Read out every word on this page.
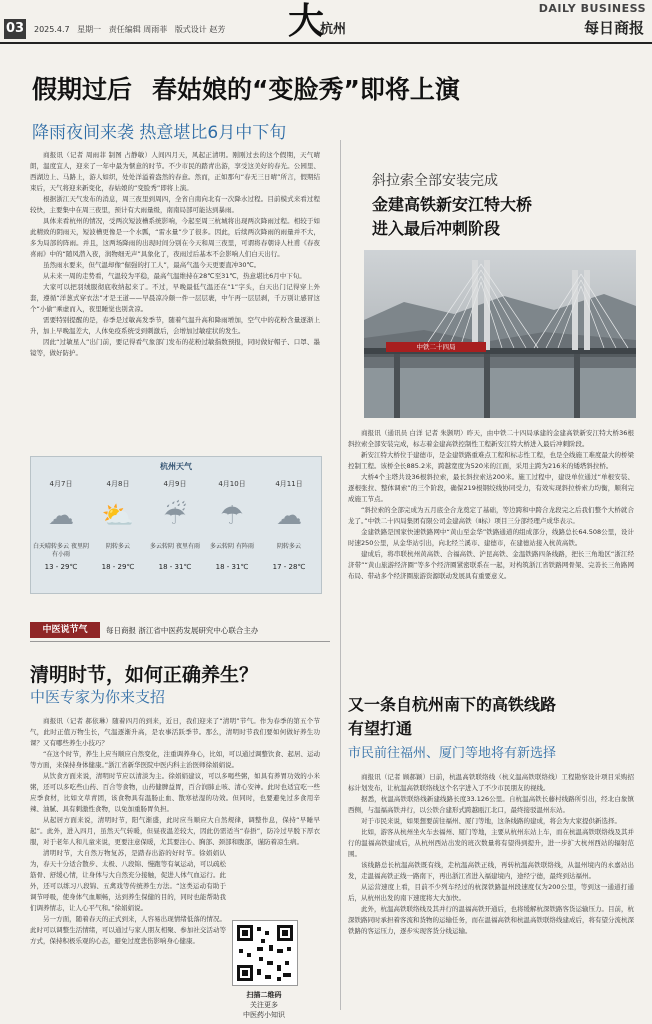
03 2025.4.7 星期一 责任编辑 周雨菲 版式设计 赵芳 大
杭州
DAILY BUSINESS
每日商报
假期过后 春姑娘的“变脸秀”即将上演
降雨夜间来袭 热意堪比6月中下旬

商报讯（记者 周雨菲 制图 占静敏）人间四月天，风起正清明。刚刚过去的这个假期，天气晴朗，温度宜人，迎来了一年中最为惬意的时节。不少市民的踏青出游，享受这美好的春光。公园里、西湖边上、马路上，游人如织，处处洋溢着盎然的春意。然而，正如那句“春无三日晴”所言，假期结束后，天气将迎来新变化，春姑娘的“变脸秀”即将上演。

根据浙江天气发布的消息，周三夜里到周四，全省自南向北有一次降水过程。目前模式来看过程较快，主要集中在周三夜里，预计有大雨量级，南南局部可能达到暴雨。

具体来看杭州的情况，受两次短波槽系统影响，今起至周三杭城将出现两次降雨过程。相较于如此精致的阴雨天，短波槽更像是一个水瓢，“雷水量”少了很多。因此，后续两次降雨的雨量并不大，多为局部的阵雨。并且，这两场降雨的出现时间分别在今天和周三夜里，可谓将春朝诗人杜甫《春夜喜雨》中的“随风潜入夜，润物细无声”具象化了，夜雨过后基本不会影响人们白天出行。

虽然雨水要来，但气温却像“倔强的打工人”，最高气温今天更要直冲30℃。

从未来一周的走势看，气温较为平稳，最高气温维持在28℃至31℃，热意堪比6月中下旬。

大家可以把羽绒服彻底收纳起来了。不过，早晚最低气温还在“1”字头，白天出门记得穿上外套，遵循“洋葱式穿衣法”才是王道——早晨凉冷颇一件一层层裹，中午再一层层剥，千万别让感冒这个“小偷”乘虚而入，夜里睡觉也别贪凉。

需要特别提醒的是，春季是过敏高发季节，随着气温升高和降雨增加，空气中的花粉含量逐渐上升，加上早晚温差大，人体免疫系统受到刺激后，会增加过敏症状的发生。

因此“过敏星人”出门前，要记得看气象部门发布的花粉过敏指数预报，同时做好帽子、口罩、墨镜等，做好防护。

杭州天气
4月7日
☁
白天晴转多云 夜里阴有小雨
13 - 29℃
4月8日
⛅
阴转多云
18 - 29℃
4月9日
☔
多云转阴 夜里有雨
18 - 31℃
4月10日
☂
多云转阴 有阵雨
18 - 31℃
4月11日
☁
阴转多云
17 - 28℃
中医说节气	每日商报 浙江省中医药发展研究中心联合主办
清明时节，如何正确养生？
中医专家为你来支招

商报讯（记者 郝依琳）随着四月的到来，近日，我们迎来了“清明”节气。作为春季的第五个节气，此时正值万物生长，气温逐渐升高，是农事活跃季节。那么，清明时节我们要如何做好养生功课？又有哪些养生小技巧？

“在这个时节，养生上应当顺应自然变化，注重调养身心，比如，可以通过调整饮食、起居、运动等方面，来保持身体健康。”浙江省新华医院中医内科主治医师徐娟娟说。

从饮食方面来说，清明时节应以清淡为主。徐娟娟建议，可以多喝些粥，如具有养胃功效的小米粥，还可以多吃些山药、百合等食物，山药健脾益胃，百合润肺止咳、清心安神。此时也适宜吃一些应季食材，比如文草青团，该食物具有温肠止血、散寒祛湿的功效。但同时，也要避免过多食用辛辣、油腻、具有刺激性食物，以免加重肠胃负担。

从起居方面来说，清明时节，阳气渐盛，此时应当顺应大自然规律，调整作息，保持“早睡早起”。此外，进入四月，虽然天气转暖，但昼夜温差较大，因此仍需适当“春捂”，防冷过早脱下厚衣服，对于老年人和儿童来说，更要注意保暖，尤其要注心、胸部、颈部和腹部，谨防着凉生病。

清明时节，大自然万物复苏，是踏春出游的好时节。徐娟娟认为，春天十分适合散步、太极、八段锦、慢跑等有氧运动，可以疏松筋骨、舒缓心情，让身体与大自然充分接触，促进人体气血运行。此外，还可以练习八段锦、五禽戏等传统养生方法。“这类运动有助于调节呼吸，使身体气血顺畅，达到养生保健的目的，同时也能帮助我们调养情志，让人心平气和。”徐娟娟说。

另一方面，随着春天的正式到来，人容易出现情绪低落的情况。此时可以调整生活情绪，可以通过与家人朋友相聚、参加社交活动等方式，保持积极乐观的心态，避免过度悲伤影响身心健康。

扫描二维码
关注更多
中医药小知识
斜拉索全部安装完成
金建高铁新安江特大桥
进入最后冲刺阶段
中铁二十四局

商报讯（通讯员 白洋 记者 朱颢明）昨天，由中铁二十四局承建的金建高铁新安江特大桥36根斜拉索全部安装完成，标志着金建高铁控制性工程新安江特大桥进入最后冲刺阶段。

新安江特大桥位于建德市，是金建铁路重难点工程和标志性工程，也是全线施工难度最大的桥梁控制工程。该桥全长885.2米，跨越宽度为520米的江面，采用主跨为216米的矮塔斜拉桥。

大桥4个主塔共设36根斜拉索，最长斜拉索达200米。施工过程中，建设单位通过“单根安装、逐根张拉、整体调索”的三个阶段，确保219根钢绞线协同受力，有效实现斜拉桥索力均衡，顺利完成施工节点。

“斜拉索的全部完成为五月底全合龙奠定了基础，等边跨和中跨合龙段完之后我们整个大桥就合龙了。”中铁二十四局集团有限公司金建高铁（Ⅱ标）项目三分部经理卢成华表示。

金建铁路是国家快速铁路网中“黄山至金华”铁路通道的组成部分，线路总长64.508公里，设计时速250公里，从金华站引出，向北经兰溪市、建德市，在建德站接入杭黄高铁。

建成后，将串联杭州黄高铁、合福高铁、沪昆高铁、金温铁路四条线路，把长三角地区“浙江经济带”“黄山旅游经济圈”等多个经济圈紧密联系在一起，对构筑浙江省铁路网骨架、完善长三角路网布局、带动多个经济圈旅游资源联动发展具有重要意义。

又一条自杭州南下的高铁线路
有望打通
市民前往福州、厦门等地将有新选择

商报讯（记者 顾郝颖）日前，杭温高铁联络线（杭义温高铁联络线）工程勘察设计项目采购招标计划发布，让杭温高铁联络线这个名字进入了不少市民朋友的视线。

据悉，杭温高铁联络线新建线路长度33.126公里。自杭温高铁长藤村线路所引出，经北白象镇西侧，与温福高铁并行，以公铁合建形式跨越瓯江北口，最终接驳温州东站。

对于市民来说，如果想要前往福州、厦门等地，这条线路的建成，将会为大家提供新选择。

比如，游客从杭州坐火车去福州、厦门等地，主要从杭州东站上车，而在杭温高铁联络线及其并行的温福高铁建成后，从杭州西站出发的班次数量将有望得到提升，进一步扩大杭州西站的辐射范围。

该线路总长杭温高铁既有线，走杭温高铁正线，再转杭温高铁联络线，从温州境内的永嘉站出发，走温福高铁正线一路南下，再出浙江省进入福建境内，途经宁德，最终到达福州。

从运营速度上看，目前不少列车经过的杭深铁路温州段速度仅为200公里，等到这一通道打通后，从杭州出发的南下速度将大大加快。

此外，杭温高铁联络线及其并行的温福高铁开通后，也将缓解杭深铁路客货运输压力。目前，杭深铁路同时承担着客流和货物的运输任务，而在温福高铁和杭温高铁联络线建成后，将有望分流杭深铁路的客运压力，逐步实现客货分线运输。
